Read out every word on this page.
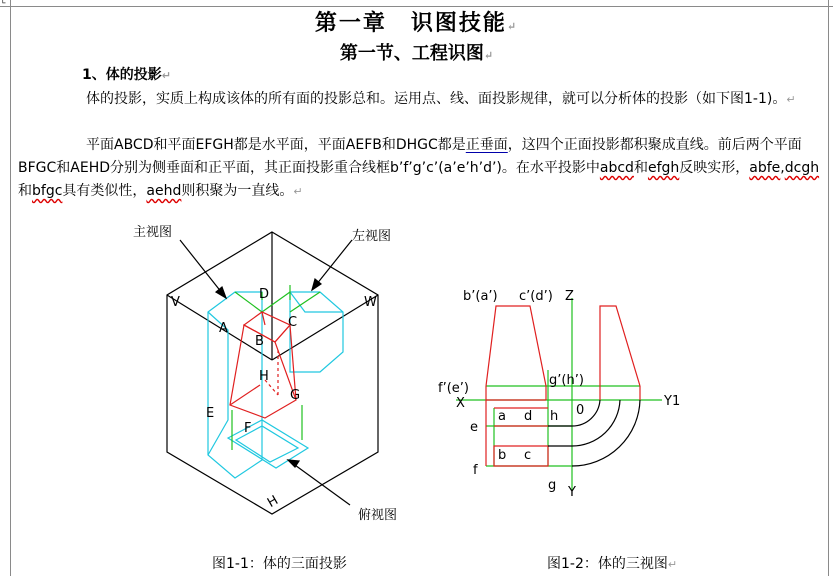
└
第一章　识图技能↵
第一节、工程识图↵
1、体的投影↵
体的投影，实质上构成该体的所有面的投影总和。运用点、线、面投影规律，就可以分析体的投影（如下图1-1)。↵
平面ABCD和平面EFGH都是水平面，平面AEFB和DHGC都是正垂面，这四个正面投影都积聚成直线。前后两个平面BFGC和AEHD分别为侧垂面和正平面，其正面投影重合线框b’f’g’c’(a’e’h’d’)。在水平投影中abcd和efgh反映实形，abfe,dcgh和bfgc具有类似性，aehd则积聚为一直线。↵
主视图	左视图
俯视图
V	W
H
D
A	C
B
H
E
G
F
b’(a’) c’(d’) Z
g’(h’)
f’(e’)
X	Y1
Y
0
a d h
e
b c
f
g
图1-1：体的三面投影	图1-2：体的三视图↵
